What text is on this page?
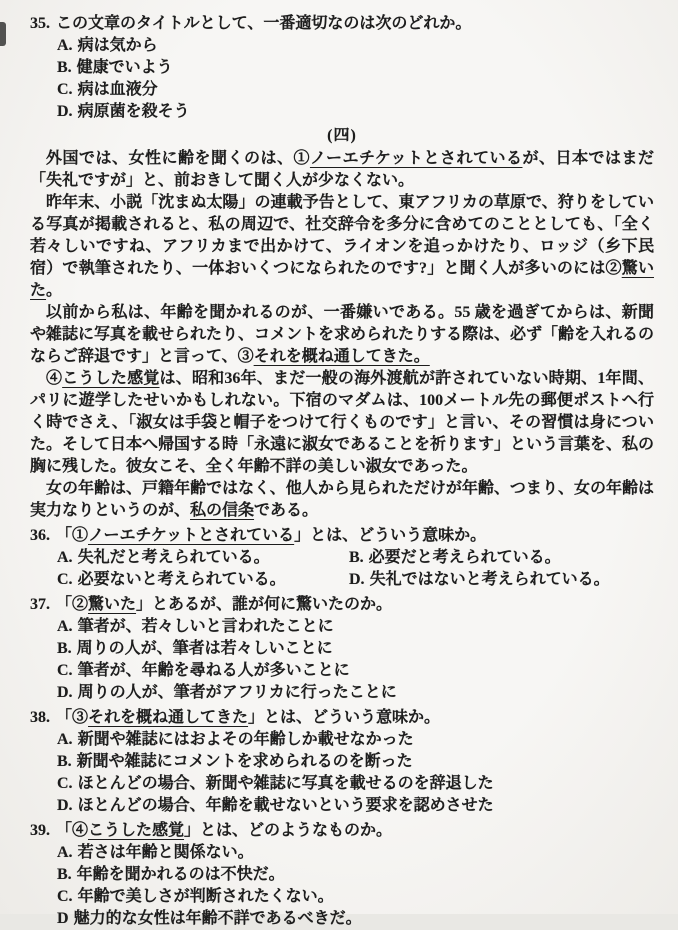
35. この文章のタイトルとして、一番適切なのは次のどれか。
A. 病は気から
B. 健康でいよう
C. 病は血液分
D. 病原菌を殺そう
(四)

外国では、女性に齢を聞くのは、①ノーエチケットとされているが、日本ではまだ「失礼ですが」と、前おきして聞く人が少なくない。

昨年末、小説「沈まぬ太陽」の連載予告として、東アフリカの草原で、狩りをしている写真が掲載されると、私の周辺で、社交辞令を多分に含めてのこととしても、「全く若々しいですね、アフリカまで出かけて、ライオンを追っかけたり、ロッジ（乡下民宿）で執筆されたり、一体おいくつになられたのです?」と聞く人が多いのには②驚いた。

以前から私は、年齢を聞かれるのが、一番嫌いである。55 歳を過ぎてからは、新聞や雑誌に写真を載せられたり、コメントを求められたりする際は、必ず「齢を入れるのならご辞退です」と言って、③それを概ね通してきた。

④こうした感覚は、昭和36年、まだ一般の海外渡航が許されていない時期、1年間、パリに遊学したせいかもしれない。下宿のマダムは、100メートル先の郵便ポストへ行く時でさえ、「淑女は手袋と帽子をつけて行くものです」と言い、その習慣は身についた。そして日本へ帰国する時「永遠に淑女であることを祈ります」という言葉を、私の胸に残した。彼女こそ、全く年齢不詳の美しい淑女であった。

女の年齢は、戸籍年齢ではなく、他人から見られただけが年齢、つまり、女の年齢は実力なりというのが、私の信条である。

36. 「①ノーエチケットとされている」とは、どういう意味か。
A. 失礼だと考えられている。	B. 必要だと考えられている。
C. 必要ないと考えられている。	D. 失礼ではないと考えられている。
37. 「②驚いた」とあるが、誰が何に驚いたのか。
A. 筆者が、若々しいと言われたことに
B. 周りの人が、筆者は若々しいことに
C. 筆者が、年齢を尋ねる人が多いことに
D. 周りの人が、筆者がアフリカに行ったことに
38. 「③それを概ね通してきた」とは、どういう意味か。
A. 新聞や雑誌にはおよその年齢しか載せなかった
B. 新聞や雑誌にコメントを求められるのを断った
C. ほとんどの場合、新聞や雑誌に写真を載せるのを辞退した
D. ほとんどの場合、年齢を載せないという要求を認めさせた
39. 「④こうした感覚」とは、どのようなものか。
A. 若さは年齢と関係ない。
B. 年齢を聞かれるのは不快だ。
C. 年齢で美しさが判断されたくない。
D 魅力的な女性は年齢不詳であるべきだ。
